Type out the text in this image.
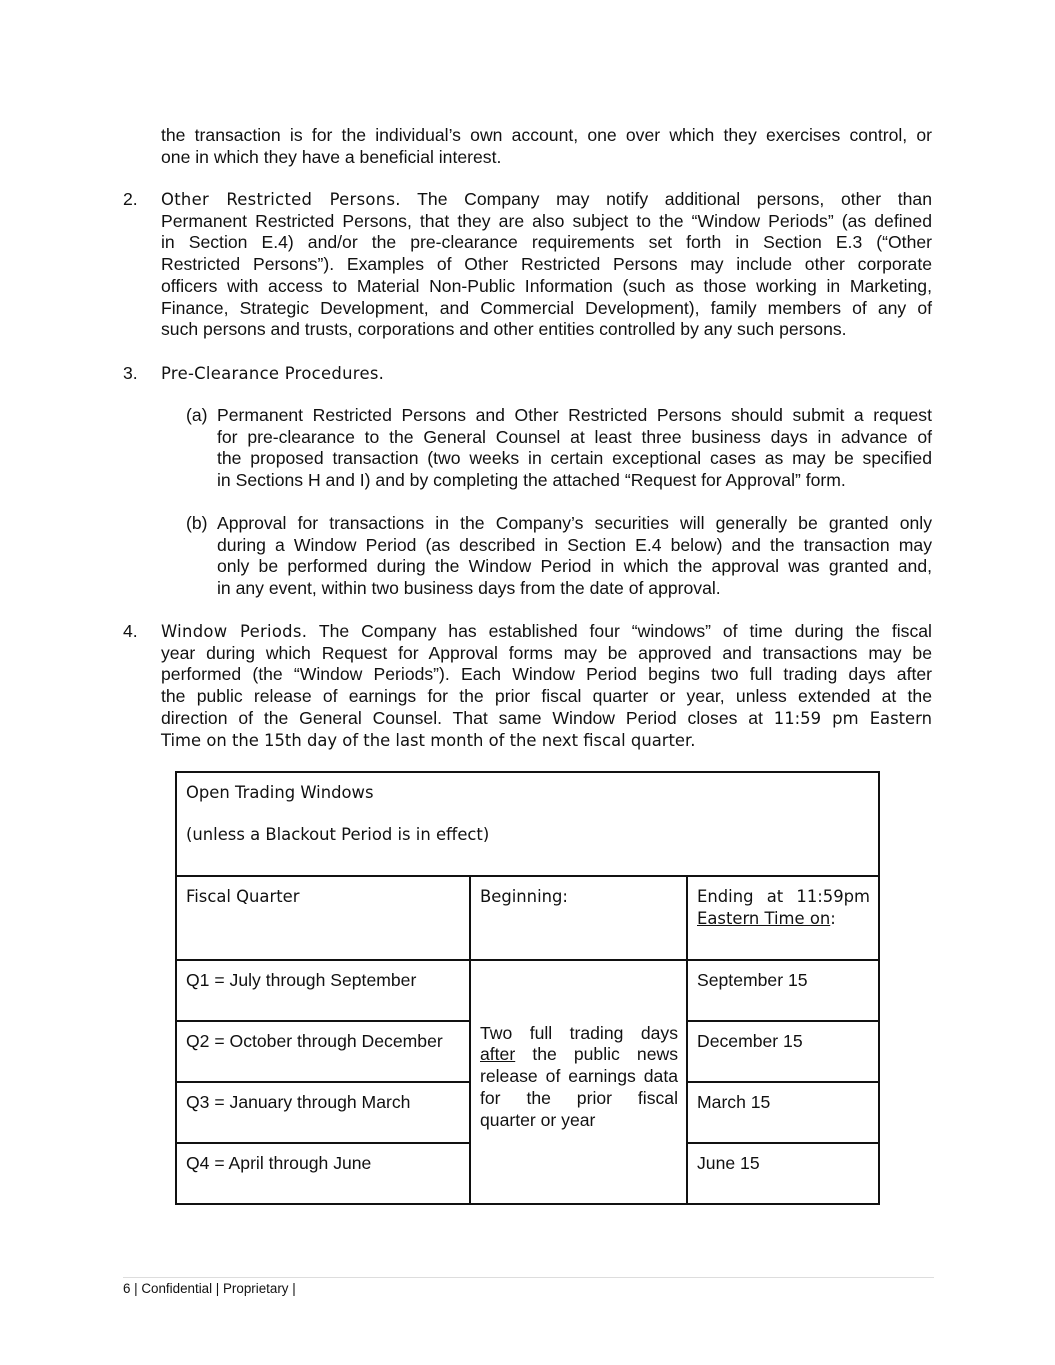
the transaction is for the individual’s own account, one over which they exercises control, or
one in which they have a beneficial interest.
2. Other Restricted Persons. The Company may notify additional persons, other than
Permanent Restricted Persons, that they are also subject to the “Window Periods” (as defined
in Section E.4) and/or the pre-clearance requirements set forth in Section E.3 (“Other
Restricted Persons”). Examples of Other Restricted Persons may include other corporate
officers with access to Material Non-Public Information (such as those working in Marketing,
Finance, Strategic Development, and Commercial Development), family members of any of
such persons and trusts, corporations and other entities controlled by any such persons.
3. Pre-Clearance Procedures.
(a) Permanent Restricted Persons and Other Restricted Persons should submit a request
for pre-clearance to the General Counsel at least three business days in advance of
the proposed transaction (two weeks in certain exceptional cases as may be specified
in Sections H and I) and by completing the attached “Request for Approval” form.
(b) Approval for transactions in the Company’s securities will generally be granted only
during a Window Period (as described in Section E.4 below) and the transaction may
only be performed during the Window Period in which the approval was granted and,
in any event, within two business days from the date of approval.
4. Window Periods. The Company has established four “windows” of time during the fiscal
year during which Request for Approval forms may be approved and transactions may be
performed (the “Window Periods”). Each Window Period begins two full trading days after
the public release of earnings for the prior fiscal quarter or year, unless extended at the
direction of the General Counsel. That same Window Period closes at 11:59 pm Eastern
Time on the 15th day of the last month of the next fiscal quarter.
Open Trading Windows
(unless a Blackout Period is in effect)		

Fiscal Quarter	Beginning:	Ending at 11:59pm
Eastern Time on:
Q1 = July through September	Two full trading days
after the public news
release of earnings data
for the prior fiscal
quarter or year	September 15
Q2 = October through December		December 15
Q3 = January through March		March 15
Q4 = April through June		June 15
6 | Confidential | Proprietary |
